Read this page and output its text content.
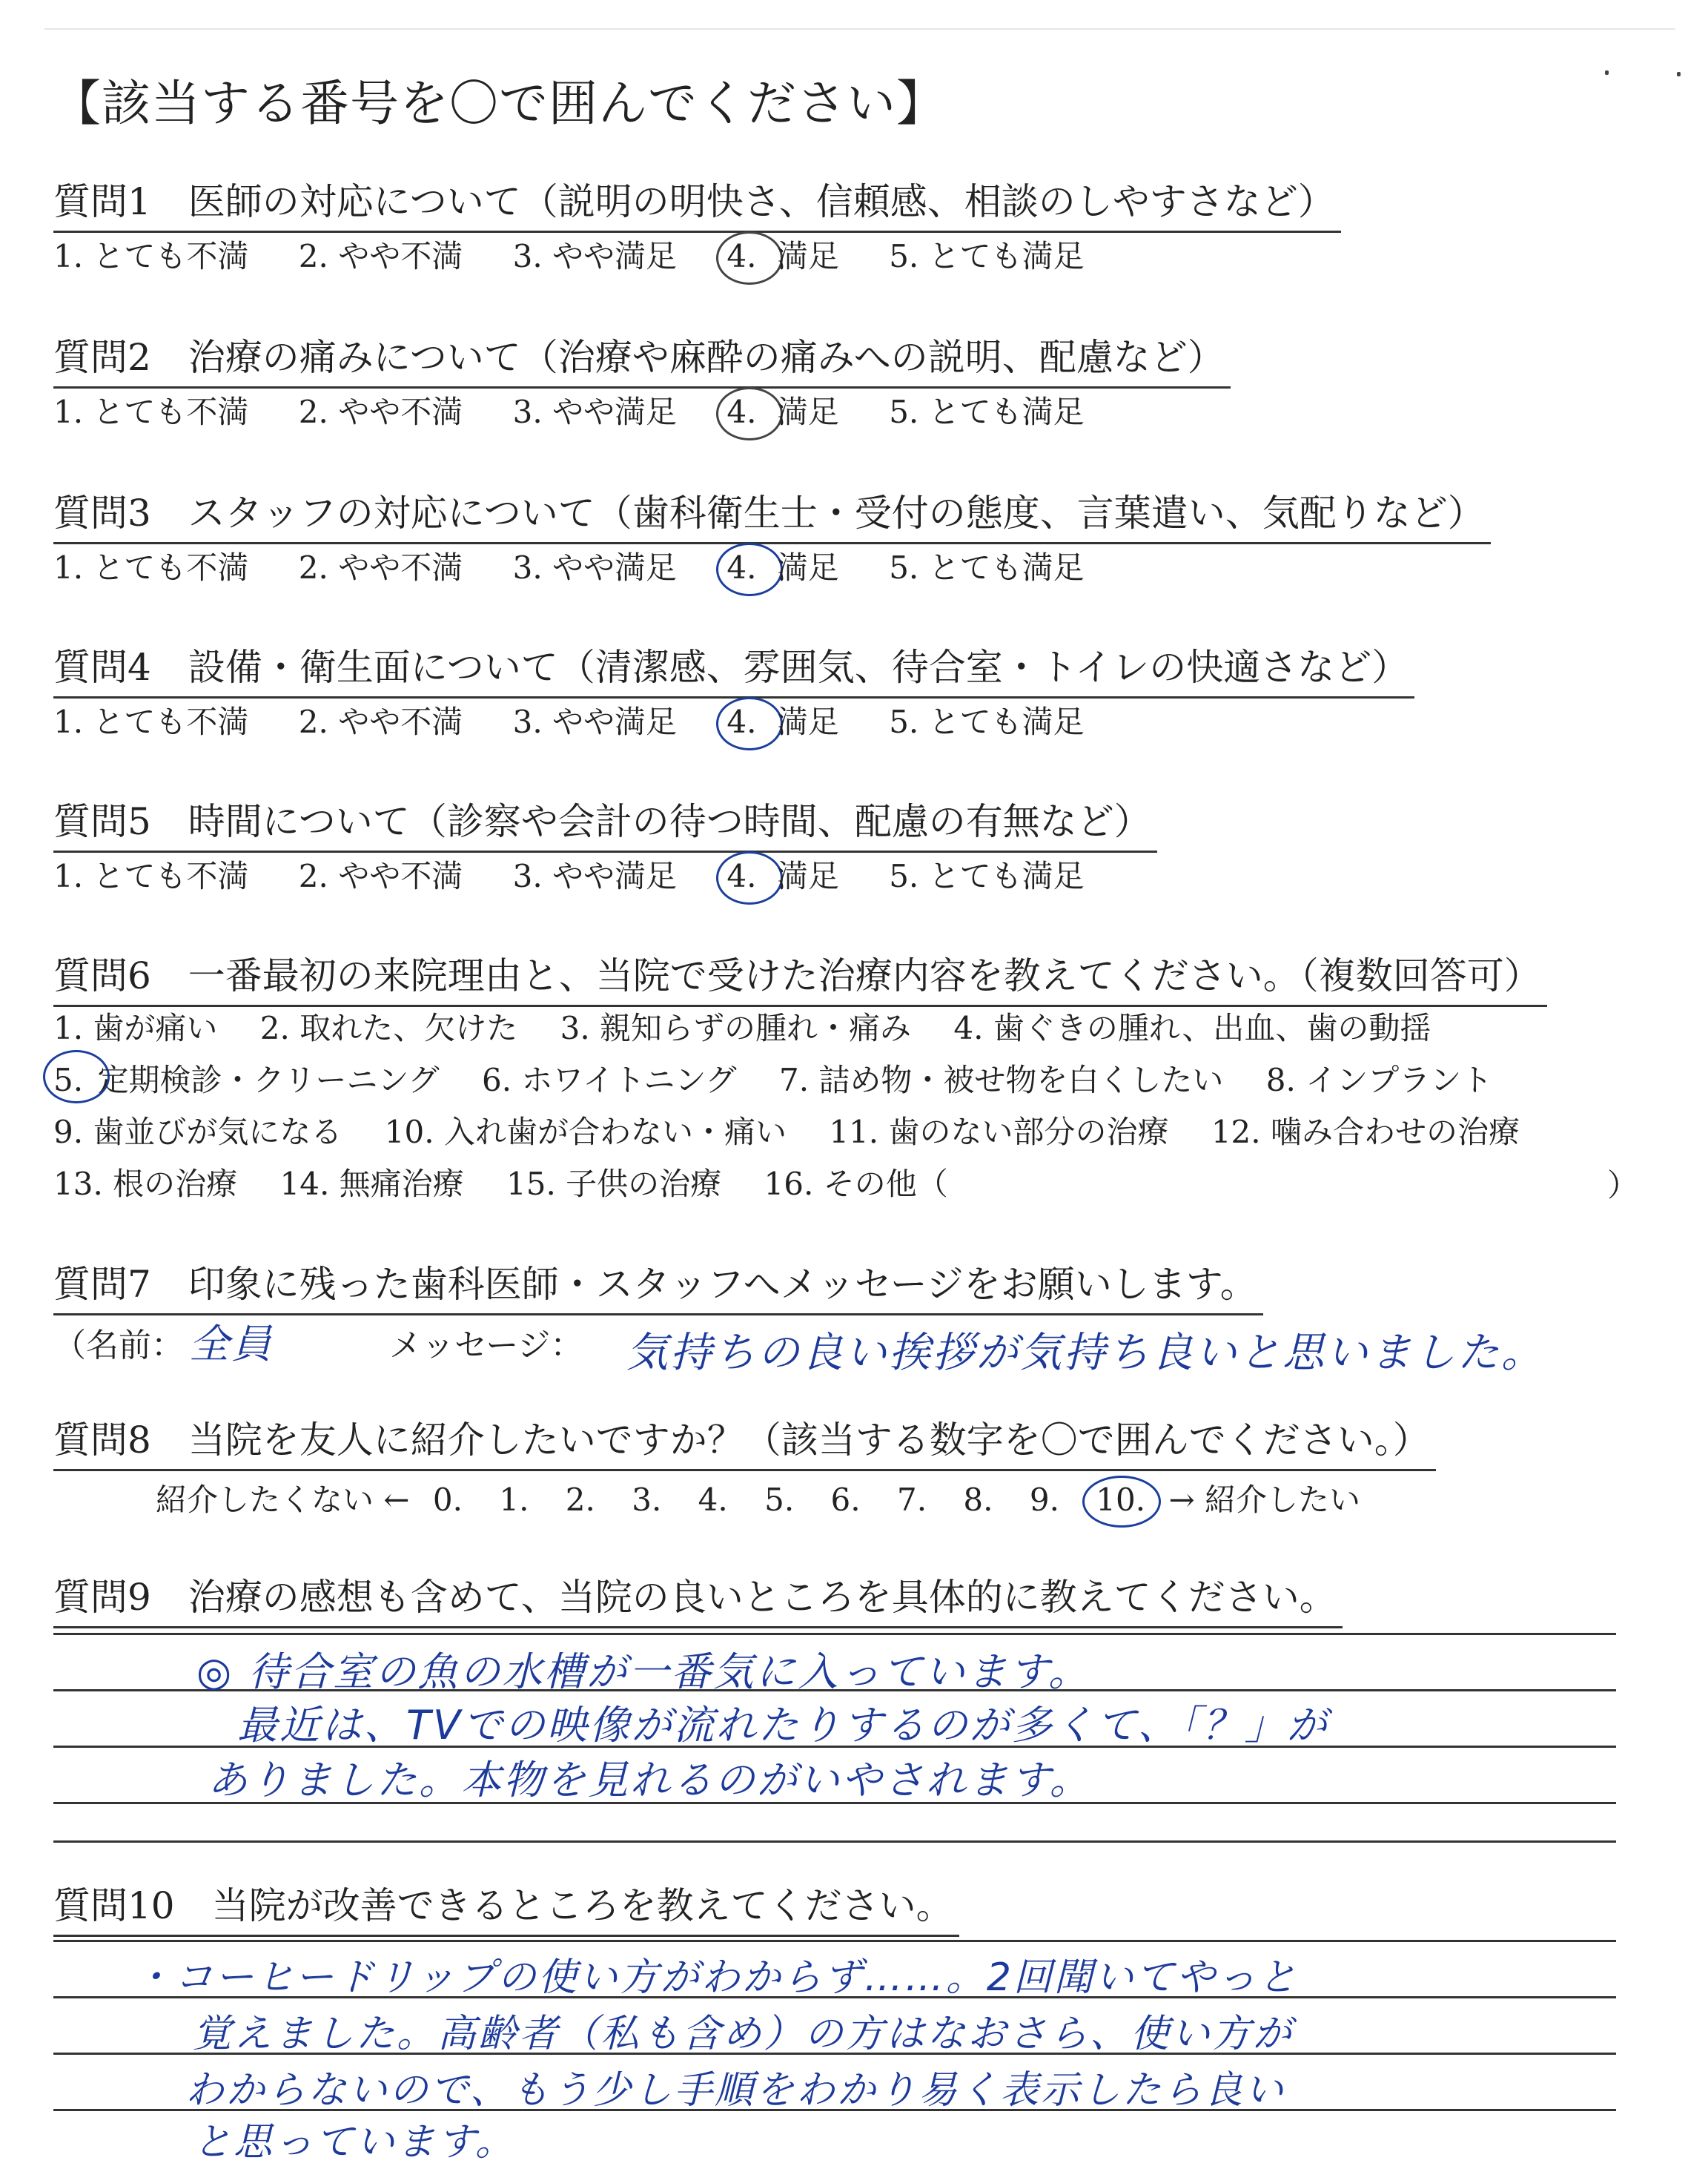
【該当する番号を〇で囲んでください】
質問1　医師の対応について（説明の明快さ、信頼感、相談のしやすさなど）
1. とても不満 2. やや不満 3. やや満足 4. 満足 5. とても満足
質問2　治療の痛みについて（治療や麻酔の痛みへの説明、配慮など）
1. とても不満 2. やや不満 3. やや満足 4. 満足 5. とても満足
質問3　スタッフの対応について（歯科衛生士・受付の態度、言葉遣い、気配りなど）
1. とても不満 2. やや不満 3. やや満足 4. 満足 5. とても満足
質問4　設備・衛生面について（清潔感、雰囲気、待合室・トイレの快適さなど）
1. とても不満 2. やや不満 3. やや満足 4. 満足 5. とても満足
質問5　時間について（診察や会計の待つ時間、配慮の有無など）
1. とても不満 2. やや不満 3. やや満足 4. 満足 5. とても満足
質問6　一番最初の来院理由と、当院で受けた治療内容を教えてください。（複数回答可）
1. 歯が痛い 2. 取れた、欠けた 3. 親知らずの腫れ・痛み 4. 歯ぐきの腫れ、出血、歯の動揺
5. 定期検診・クリーニング 6. ホワイトニング 7. 詰め物・被せ物を白くしたい 8. インプラント
9. 歯並びが気になる 10. 入れ歯が合わない・痛い 11. 歯のない部分の治療 12. 噛み合わせの治療
13. 根の治療 14. 無痛治療 15. 子供の治療 16. その他（	）
質問7　印象に残った歯科医師・スタッフへメッセージをお願いします。
（名前： 全員	メッセージ： 気持ちの良い挨拶が気持ち良いと思いました。
質問8　当院を友人に紹介したいですか？（該当する数字を〇で囲んでください。）
紹介したくない ← 0. 1. 2. 3. 4. 5. 6. 7. 8. 9. 10. → 紹介したい
質問9　治療の感想も含めて、当院の良いところを具体的に教えてください。
◎ 待合室の魚の水槽が一番気に入っています。
最近は、TVでの映像が流れたりするのが多くて、「？」が
ありました。本物を見れるのがいやされます。
質問10　当院が改善できるところを教えてください。
・コーヒードリップの使い方がわからず……。2回聞いてやっと
覚えました。高齢者（私も含め）の方はなおさら、使い方が
わからないので、もう少し手順をわかり易く表示したら良い
と思っています。
